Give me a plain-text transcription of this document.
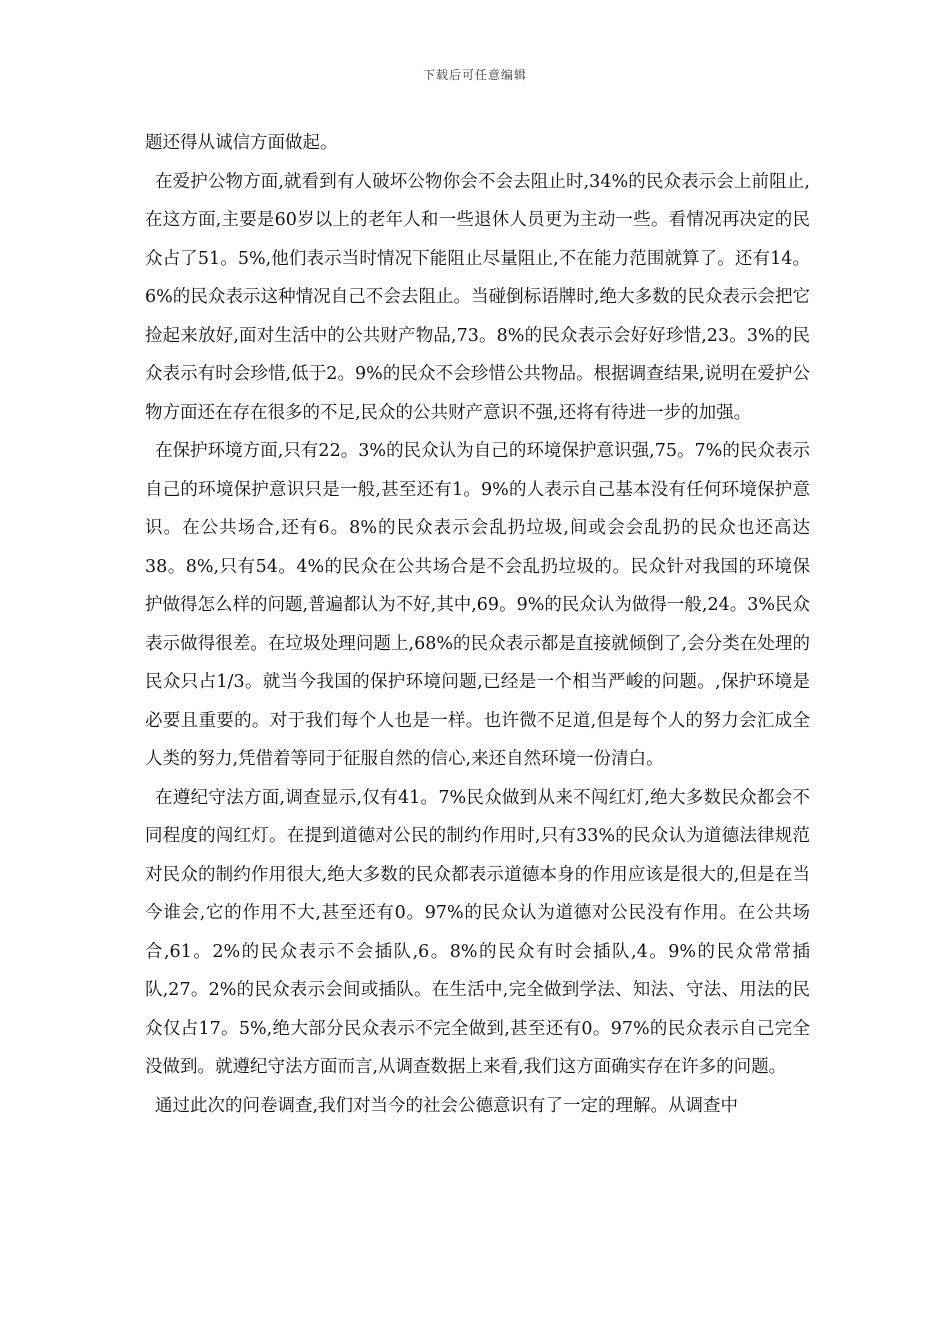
下载后可任意编辑

题还得从诚信方面做起。

在爱护公物方面,就看到有人破坏公物你会不会去阻止时,34%的民众表示会上前阻止,在这方面,主要是60岁以上的老年人和一些退休人员更为主动一些。看情况再决定的民众占了51。5%,他们表示当时情况下能阻止尽量阻止,不在能力范围就算了。还有14。6%的民众表示这种情况自己不会去阻止。当碰倒标语牌时,绝大多数的民众表示会把它捡起来放好,面对生活中的公共财产物品,73。8%的民众表示会好好珍惜,23。3%的民众表示有时会珍惜,低于2。9%的民众不会珍惜公共物品。根据调查结果,说明在爱护公物方面还在存在很多的不足,民众的公共财产意识不强,还将有待进一步的加强。

在保护环境方面,只有22。3%的民众认为自己的环境保护意识强,75。7%的民众表示自己的环境保护意识只是一般,甚至还有1。9%的人表示自己基本没有任何环境保护意识。在公共场合,还有6。8%的民众表示会乱扔垃圾,间或会会乱扔的民众也还高达38。8%,只有54。4%的民众在公共场合是不会乱扔垃圾的。民众针对我国的环境保护做得怎么样的问题,普遍都认为不好,其中,69。9%的民众认为做得一般,24。3%民众表示做得很差。在垃圾处理问题上,68%的民众表示都是直接就倾倒了,会分类在处理的民众只占1/3。就当今我国的保护环境问题,已经是一个相当严峻的问题。,保护环境是必要且重要的。对于我们每个人也是一样。也许微不足道,但是每个人的努力会汇成全人类的努力,凭借着等同于征服自然的信心,来还自然环境一份清白。

在遵纪守法方面,调查显示,仅有41。7%民众做到从来不闯红灯,绝大多数民众都会不同程度的闯红灯。在提到道德对公民的制约作用时,只有33%的民众认为道德法律规范对民众的制约作用很大,绝大多数的民众都表示道德本身的作用应该是很大的,但是在当今谁会,它的作用不大,甚至还有0。97%的民众认为道德对公民没有作用。在公共场合,61。2%的民众表示不会插队,6。8%的民众有时会插队,4。9%的民众常常插队,27。2%的民众表示会间或插队。在生活中,完全做到学法、知法、守法、用法的民众仅占17。5%,绝大部分民众表示不完全做到,甚至还有0。97%的民众表示自己完全没做到。就遵纪守法方面而言,从调查数据上来看,我们这方面确实存在许多的问题。

通过此次的问卷调查,我们对当今的社会公德意识有了一定的理解。从调查中
